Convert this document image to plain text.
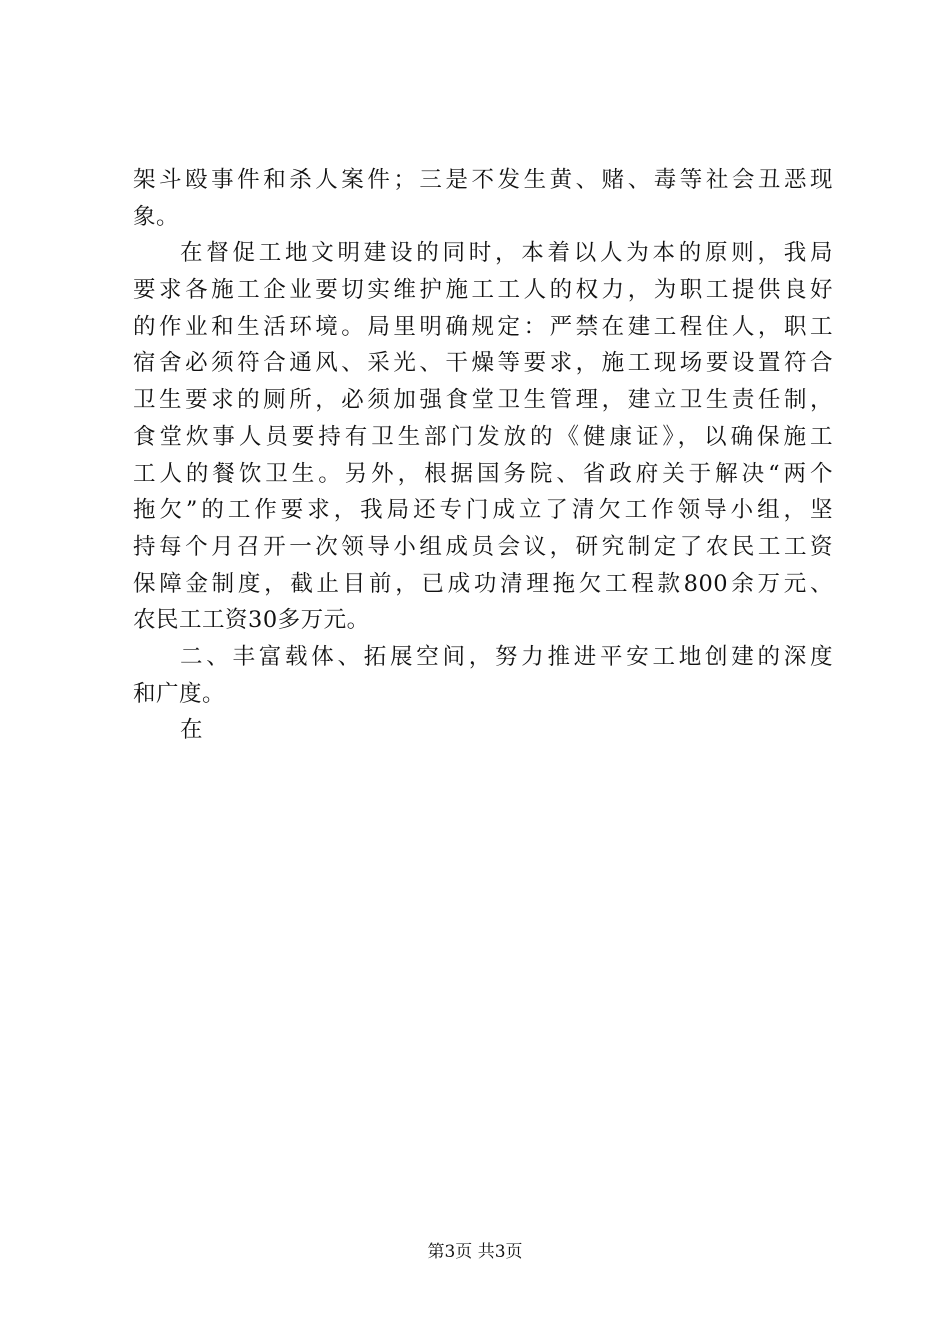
架斗殴事件和杀人案件；三是不发生黄、赌、毒等社会丑恶现
象。
在督促工地文明建设的同时，本着以人为本的原则，我局
要求各施工企业要切实维护施工工人的权力，为职工提供良好
的作业和生活环境。局里明确规定：严禁在建工程住人，职工
宿舍必须符合通风、采光、干燥等要求，施工现场要设置符合
卫生要求的厕所，必须加强食堂卫生管理，建立卫生责任制，
食堂炊事人员要持有卫生部门发放的《健康证》，以确保施工
工人的餐饮卫生。另外，根据国务院、省政府关于解决“两个
拖欠”的工作要求，我局还专门成立了清欠工作领导小组，坚
持每个月召开一次领导小组成员会议，研究制定了农民工工资
保障金制度，截止目前，已成功清理拖欠工程款800余万元、
农民工工资30多万元。
二、丰富载体、拓展空间，努力推进平安工地创建的深度
和广度。
在
第3页 共3页
